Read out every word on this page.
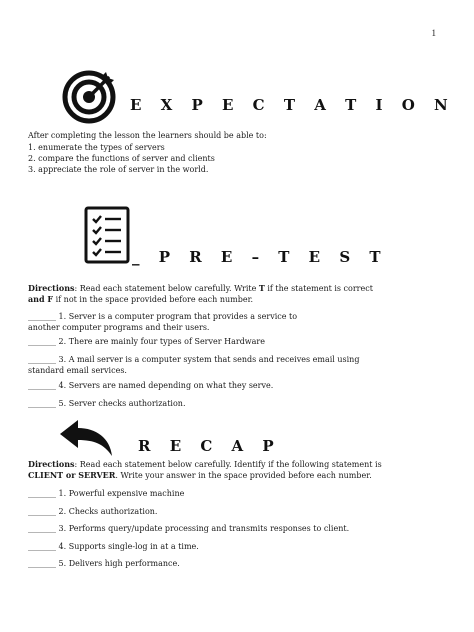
1
E X P E C T A T I O N
After completing the lesson the learners should be able to:
1. enumerate the types of servers
2. compare the functions of server and clients
3. appreciate the role of server in the world.
_ P R E – T E S T
Directions: Read each statement below carefully. Write T if the statement is correct
and F if not in the space provided before each number.
_______ 1. Server is a computer program that provides a service to
another computer programs and their users.
_______ 2. There are mainly four types of Server Hardware
_______ 3. A mail server is a computer system that sends and receives email using
standard email services.
_______ 4. Servers are named depending on what they serve.
_______ 5. Server checks authorization.
R E C A P
Directions: Read each statement below carefully. Identify if the following statement is
CLIENT or SERVER. Write your answer in the space provided before each number.
_______ 1. Powerful expensive machine
_______ 2. Checks authorization.
_______ 3. Performs query/update processing and transmits responses to client.
_______ 4. Supports single-log in at a time.
_______ 5. Delivers high performance.
